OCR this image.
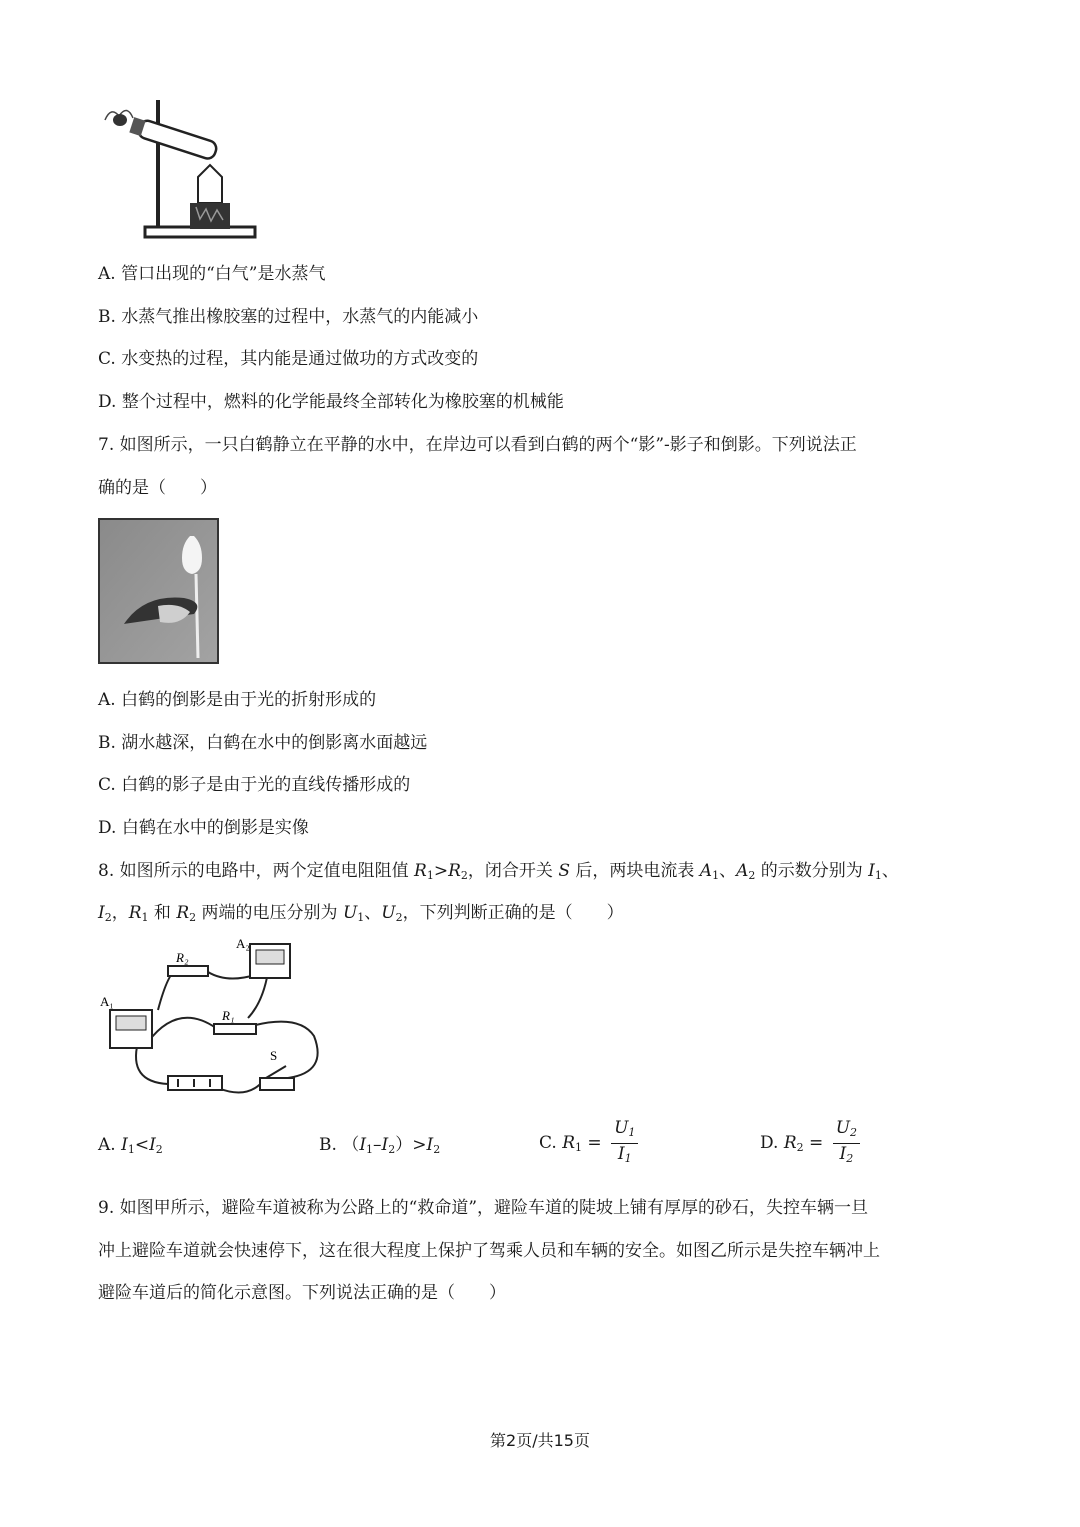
A. 管口出现的“白气”是水蒸气
B. 水蒸气推出橡胶塞的过程中，水蒸气的内能减小
C. 水变热的过程，其内能是通过做功的方式改变的
D. 整个过程中，燃料的化学能最终全部转化为橡胶塞的机械能
7. 如图所示，一只白鹤静立在平静的水中，在岸边可以看到白鹤的两个“影”-影子和倒影。下列说法正
确的是（　　）
A. 白鹤的倒影是由于光的折射形成的
B. 湖水越深，白鹤在水中的倒影离水面越远
C. 白鹤的影子是由于光的直线传播形成的
D. 白鹤在水中的倒影是实像
8. 如图所示的电路中，两个定值电阻阻值 $R_1>R_2$，闭合开关 S 后，两块电流表 $A_1$、$A_2$ 的示数分别为 $I_1$、
$I_2$，$R_1$ 和 $R_2$ 两端的电压分别为 $U_1$、$U_2$，下列判断正确的是（　　）
A₂
R₂
A₁
R₁
S
A. $I_1<I_2$	B. $(I_1-I_2)>I_2$	C. $R_1 = \frac{U_1}{I_1}$	D. $R_2 = \frac{U_2}{I_2}$
9. 如图甲所示，避险车道被称为公路上的“救命道”，避险车道的陡坡上铺有厚厚的砂石，失控车辆一旦
冲上避险车道就会快速停下，这在很大程度上保护了驾乘人员和车辆的安全。如图乙所示是失控车辆冲上
避险车道后的简化示意图。下列说法正确的是（　　）
第2页/共15页
